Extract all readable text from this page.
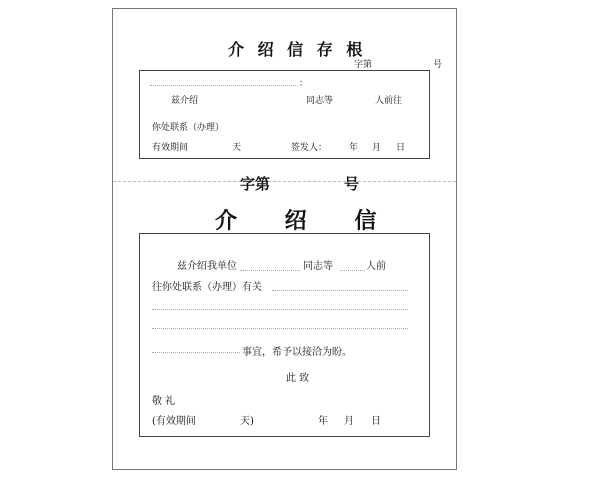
介 绍 信 存 根
字第	号
：
兹介绍	同志等	人前往
你处联系（办理）
有效期间	天	签发人： 年 月 日
字第	号
介 绍 信
兹介绍我单位	同志等	人前
往你处联系（办理）有关
事宜，希予以接洽为盼。
此 致
敬 礼
(有效期间	天)	年 月 日
